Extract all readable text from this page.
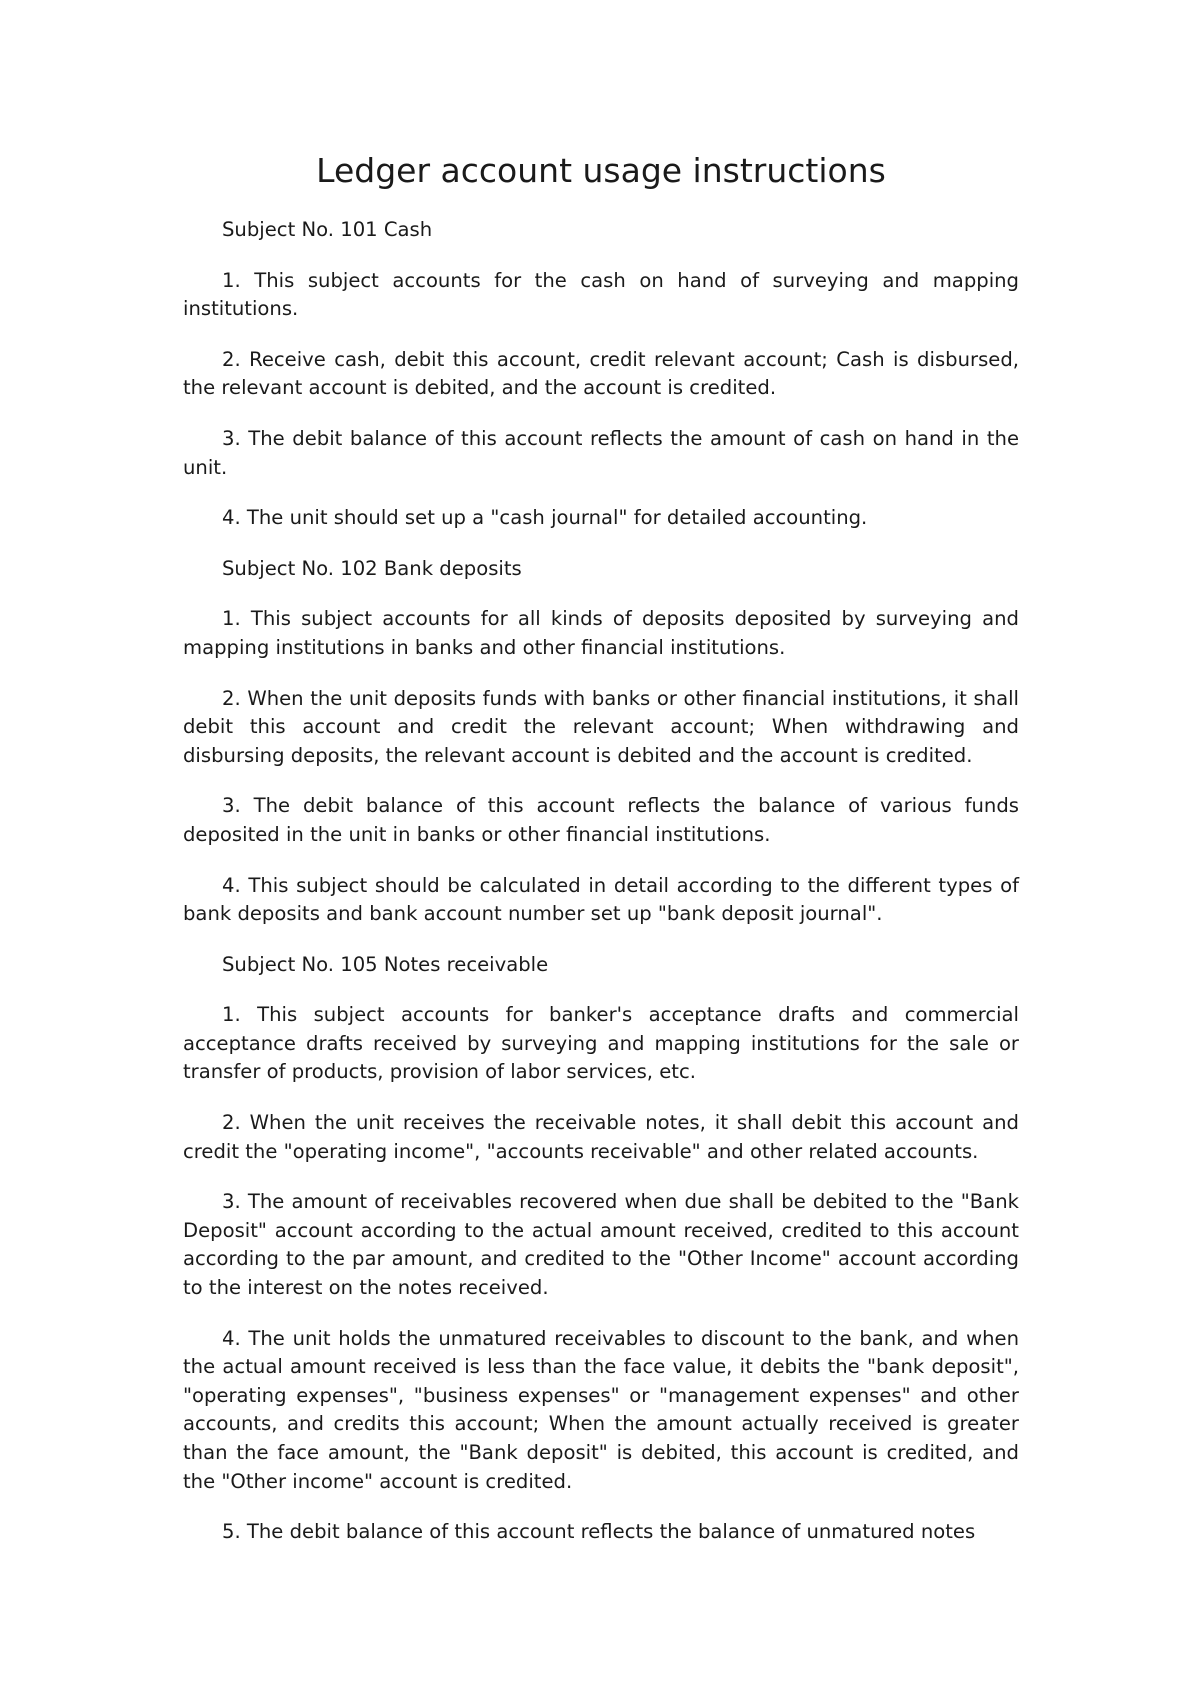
Ledger account usage instructions

Subject No. 101 Cash

1. This subject accounts for the cash on hand of surveying and mapping institutions.

2. Receive cash, debit this account, credit relevant account; Cash is disbursed, the relevant account is debited, and the account is credited.

3. The debit balance of this account reflects the amount of cash on hand in the unit.

4. The unit should set up a "cash journal" for detailed accounting.

Subject No. 102 Bank deposits

1. This subject accounts for all kinds of deposits deposited by surveying and mapping institutions in banks and other financial institutions.

2. When the unit deposits funds with banks or other financial institutions, it shall debit this account and credit the relevant account; When withdrawing and disbursing deposits, the relevant account is debited and the account is credited.

3. The debit balance of this account reflects the balance of various funds deposited in the unit in banks or other financial institutions.

4. This subject should be calculated in detail according to the different types of bank deposits and bank account number set up "bank deposit journal".

Subject No. 105 Notes receivable

1. This subject accounts for banker's acceptance drafts and commercial acceptance drafts received by surveying and mapping institutions for the sale or transfer of products, provision of labor services, etc.

2. When the unit receives the receivable notes, it shall debit this account and credit the "operating income", "accounts receivable" and other related accounts.

3. The amount of receivables recovered when due shall be debited to the "Bank Deposit" account according to the actual amount received, credited to this account according to the par amount, and credited to the "Other Income" account according to the interest on the notes received.

4. The unit holds the unmatured receivables to discount to the bank, and when the actual amount received is less than the face value, it debits the "bank deposit", "operating expenses", "business expenses" or "management expenses" and other accounts, and credits this account; When the amount actually received is greater than the face amount, the "Bank deposit" is debited, this account is credited, and the "Other income" account is credited.

5. The debit balance of this account reflects the balance of unmatured notes
